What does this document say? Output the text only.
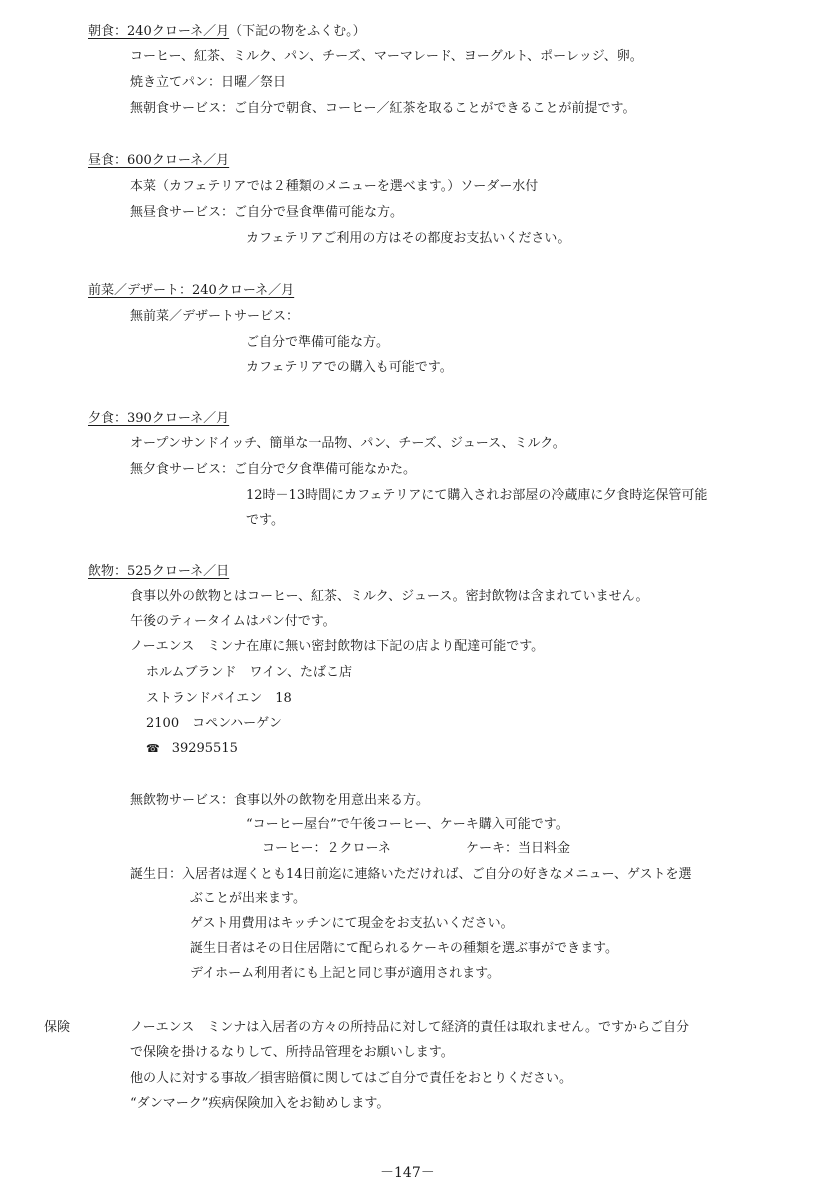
朝食：240クローネ／月（下記の物をふくむ。）
コーヒー、紅茶、ミルク、パン、チーズ、マーマレード、ヨーグルト、ポーレッジ、卵。
焼き立てパン：日曜／祭日
無朝食サービス：ご自分で朝食、コーヒー／紅茶を取ることができることが前提です。
昼食：600クローネ／月
本菜（カフェテリアでは２種類のメニューを選べます。）ソーダー水付
無昼食サービス：ご自分で昼食準備可能な方。
カフェテリアご利用の方はその都度お支払いください。
前菜／デザート：240クローネ／月
無前菜／デザートサービス：
ご自分で準備可能な方。
カフェテリアでの購入も可能です。
夕食：390クローネ／月
オープンサンドイッチ、簡単な一品物、パン、チーズ、ジュース、ミルク。
無夕食サービス：ご自分で夕食準備可能なかた。
12時－13時間にカフェテリアにて購入されお部屋の冷蔵庫に夕食時迄保管可能
です。
飲物：525クローネ／日
食事以外の飲物とはコーヒー、紅茶、ミルク、ジュース。密封飲物は含まれていません。
午後のティータイムはパン付です。
ノーエンス　ミンナ在庫に無い密封飲物は下記の店より配達可能です。
ホルムブランド　ワイン、たばこ店
ストランドバイエン　18
2100　コペンハーゲン
☎ 39295515
無飲物サービス：食事以外の飲物を用意出来る方。
“コーヒー屋台”で午後コーヒー、ケーキ購入可能です。
コーヒー：２クローネ	ケーキ：当日料金
誕生日：入居者は遅くとも14日前迄に連絡いただければ、ご自分の好きなメニュー、ゲストを選
ぶことが出来ます。
ゲスト用費用はキッチンにて現金をお支払いください。
誕生日者はその日住居階にて配られるケーキの種類を選ぶ事ができます。
デイホーム利用者にも上記と同じ事が適用されます。
保険	ノーエンス　ミンナは入居者の方々の所持品に対して経済的責任は取れません。ですからご自分
で保険を掛けるなりして、所持品管理をお願いします。
他の人に対する事故／損害賠償に関してはご自分で責任をおとりください。
“ダンマーク”疾病保険加入をお勧めします。
－147－
